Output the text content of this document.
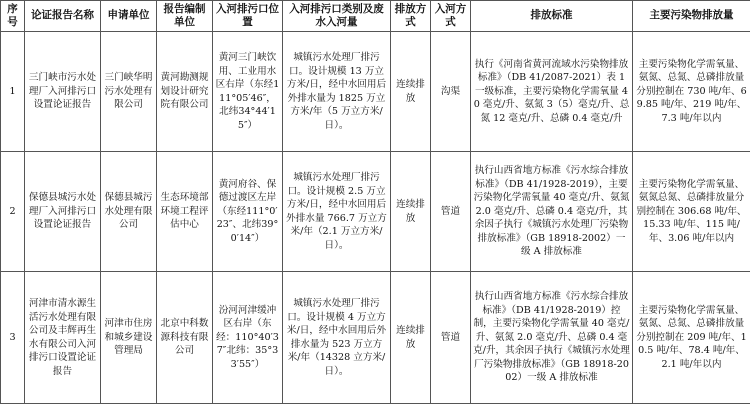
序号	论证报告名称	申请单位	报告编制单位	入河排污口位置	入河排污口类别及废水入河量	排放方式	入河方式	排放标准	主要污染物排放量
1	三门峡市污水处理厂入河排污口设置论证报告	三门峡华明污水处理有限公司	黄河勘测规划设计研究院有限公司	黄河三门峡饮用、工业用水区右岸（东经111°05′46″，北纬34°44′15″）	城镇污水处理厂排污口。设计规模 13 万立方米/日，经中水回用后外排水量为 1825 万立方米/年（5 万立方米/日）。	连续排放	沟渠	执行《河南省黄河流域水污染物排放标准》（DB 41/2087-2021）表 1 一级标准，主要污染物化学需氧量 40 毫克/升、氨氮 3（5）毫克/升、总氮 12 毫克/升、总磷 0.4 毫克/升	主要污染物化学需氧量、氨氮、总氮、总磷排放量分别控制在 730 吨/年、69.85 吨/年、219 吨/年、7.3 吨/年以内
2	保德县城污水处理厂入河排污口设置论证报告	保德县城污水处理有限公司	生态环境部环境工程评估中心	黄河府谷、保德过渡区左岸（东经111°0′23″、北纬39°0′14″）	城镇污水处理厂排污口。设计规模 2.5 万立方米/日，经中水回用后外排水量 766.7 万立方米/年（2.1 万立方米/日）。	连续排放	管道	执行山西省地方标准《污水综合排放标准》（DB 41/1928-2019），主要污染物化学需氧量 40 毫克/升、氨氮 2.0 毫克/升、总磷 0.4 毫克/升，其余因子执行《城镇污水处理厂污染物排放标准》（GB 18918-2002）一级 A 排放标准	主要污染物化学需氧量、氨氮总氮、总磷排放量分别控制在 306.68 吨/年、15.33 吨/年、115 吨/年、3.06 吨/年以内
3	河津市清水源生活污水处理有限公司及丰辉再生水有限公司入河排污口设置论证报告	河津市住房和城乡建设管理局	北京中科数源科技有限公司	汾河河津缓冲区右岸（东经：110°40′37″北纬：35°33′55″）	城镇污水处理厂排污口。设计规模 4 万立方米/日，经中水回用后外排水量为 523 万立方米/年（14328 立方米/日）。	连续排放	管道	执行山西省地方标准《污水综合排放标准》（DB 41/1928-2019）控制，主要污染物化学需氧量 40 毫克/升、氨氮 2.0 毫克/升、总磷 0.4 毫克/升，其余因子执行《城镇污水处理厂污染物排放标准》（GB 18918-2002）一级 A 排放标准	主要污染物化学需氧量、氨氮、总氮、总磷排放量分别控制在 209 吨/年、10.5 吨/年、78.4 吨/年、2.1 吨/年以内
